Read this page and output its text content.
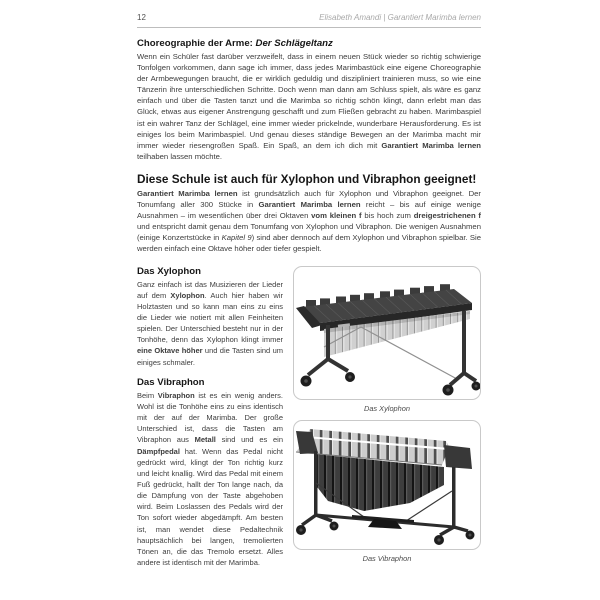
12	Elisabeth Amandi | Garantiert Marimba lernen
Choreographie der Arme: Der Schlägeltanz

Wenn ein Schüler fast darüber verzweifelt, dass in einem neuen Stück wieder so richtig schwierige Tonfolgen vorkommen, dann sage ich immer, dass jedes Marimbastück eine eigene Choreographie der Armbewegungen braucht, die er wirklich geduldig und diszipliniert trainieren muss, so wie eine Tänzerin ihre unterschiedlichen Schritte. Doch wenn man dann am Schluss spielt, als wäre es ganz einfach und über die Tasten tanzt und die Marimba so richtig schön klingt, dann erlebt man das Glück, etwas aus eigener Anstrengung geschafft und zum Fließen gebracht zu haben. Marimbaspiel ist ein wahrer Tanz der Schlägel, eine immer wieder prickelnde, wunderbare Herausforderung. Es ist einiges los beim Marimbaspiel. Und genau dieses ständige Bewegen an der Marimba macht mir immer wieder riesengroßen Spaß. Ein Spaß, an dem ich dich mit Garantiert Marimba lernen teilhaben lassen möchte.

Diese Schule ist auch für Xylophon und Vibraphon geeignet!

Garantiert Marimba lernen ist grundsätzlich auch für Xylophon und Vibraphon geeignet. Der Tonumfang aller 300 Stücke in Garantiert Marimba lernen reicht – bis auf einige wenige Ausnahmen – im wesentlichen über drei Oktaven vom kleinen f bis hoch zum dreigestrichenen f und entspricht damit genau dem Tonumfang von Xylophon und Vibraphon. Die wenigen Ausnahmen (einige Konzertstücke in Kapitel 9) sind aber dennoch auf dem Xylophon und Vibraphon spielbar. Sie werden einfach eine Oktave höher oder tiefer gespielt.

Das Xylophon

Ganz einfach ist das Musizieren der Lieder auf dem Xylophon. Auch hier haben wir Holztasten und so kann man eins zu eins die Lieder wie notiert mit allen Feinheiten spielen. Der Unterschied besteht nur in der Tonhöhe, denn das Xylophon klingt immer eine Oktave höher und die Tasten sind um einiges schmaler.

Das Vibraphon

Beim Vibraphon ist es ein wenig anders. Wohl ist die Tonhöhe eins zu eins identisch mit der auf der Marimba. Der große Unterschied ist, dass die Tasten am Vibraphon aus Metall sind und es ein Dämpfpedal hat. Wenn das Pedal nicht gedrückt wird, klingt der Ton richtig kurz und leicht knallig. Wird das Pedal mit einem Fuß gedrückt, hallt der Ton lange nach, da die Dämpfung von der Taste abgehoben wird. Beim Loslassen des Pedals wird der Ton sofort wieder abgedämpft. Am besten ist, man wendet diese Pedaltechnik hauptsächlich bei langen, tremolierten Tönen an, die das Tremolo ersetzt. Alles andere ist identisch mit der Marimba.

Das Xylophon
Das Vibraphon
